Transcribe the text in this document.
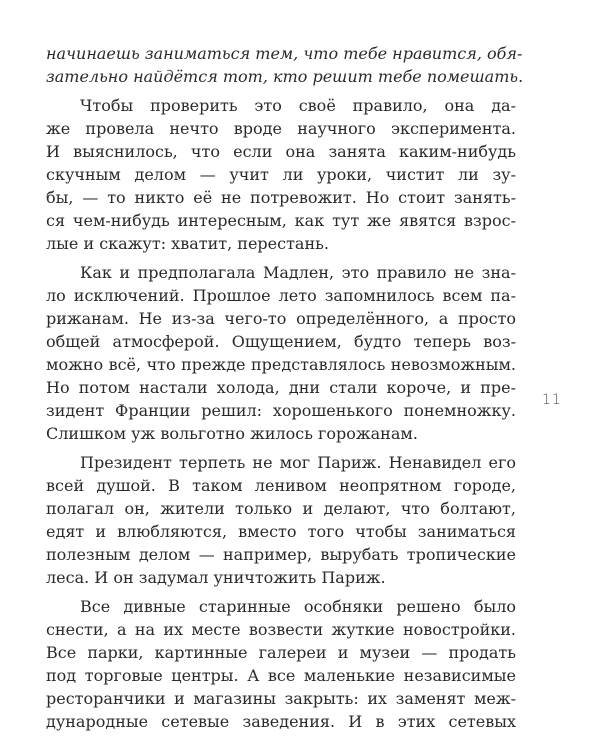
начинаешь заниматься тем, что тебе нравится, обя-
зательно найдётся тот, кто решит тебе помешать.
Чтобы проверить это своё правило, она да-
же провела нечто вроде научного эксперимента.
И выяснилось, что если она занята каким-нибудь
скучным делом — учит ли уроки, чистит ли зу-
бы, — то никто её не потревожит. Но стоит занять-
ся чем-нибудь интересным, как тут же явятся взрос-
лые и скажут: хватит, перестань.
Как и предполагала Мадлен, это правило не зна-
ло исключений. Прошлое лето запомнилось всем па-
рижанам. Не из-за чего-то определённого, а просто
общей атмосферой. Ощущением, будто теперь воз-
можно всё, что прежде представлялось невозможным.
Но потом настали холода, дни стали короче, и пре-
зидент Франции решил: хорошенького понемножку.
Слишком уж вольготно жилось горожанам.
Президент терпеть не мог Париж. Ненавидел его
всей душой. В таком ленивом неопрятном городе,
полагал он, жители только и делают, что болтают,
едят и влюбляются, вместо того чтобы заниматься
полезным делом — например, вырубать тропические
леса. И он задумал уничтожить Париж.
Все дивные старинные особняки решено было
снести, а на их месте возвести жуткие новостройки.
Все парки, картинные галереи и музеи — продать
под торговые центры. А все маленькие независимые
ресторанчики и магазины закрыть: их заменят меж-
дународные сетевые заведения. И в этих сетевых
11
